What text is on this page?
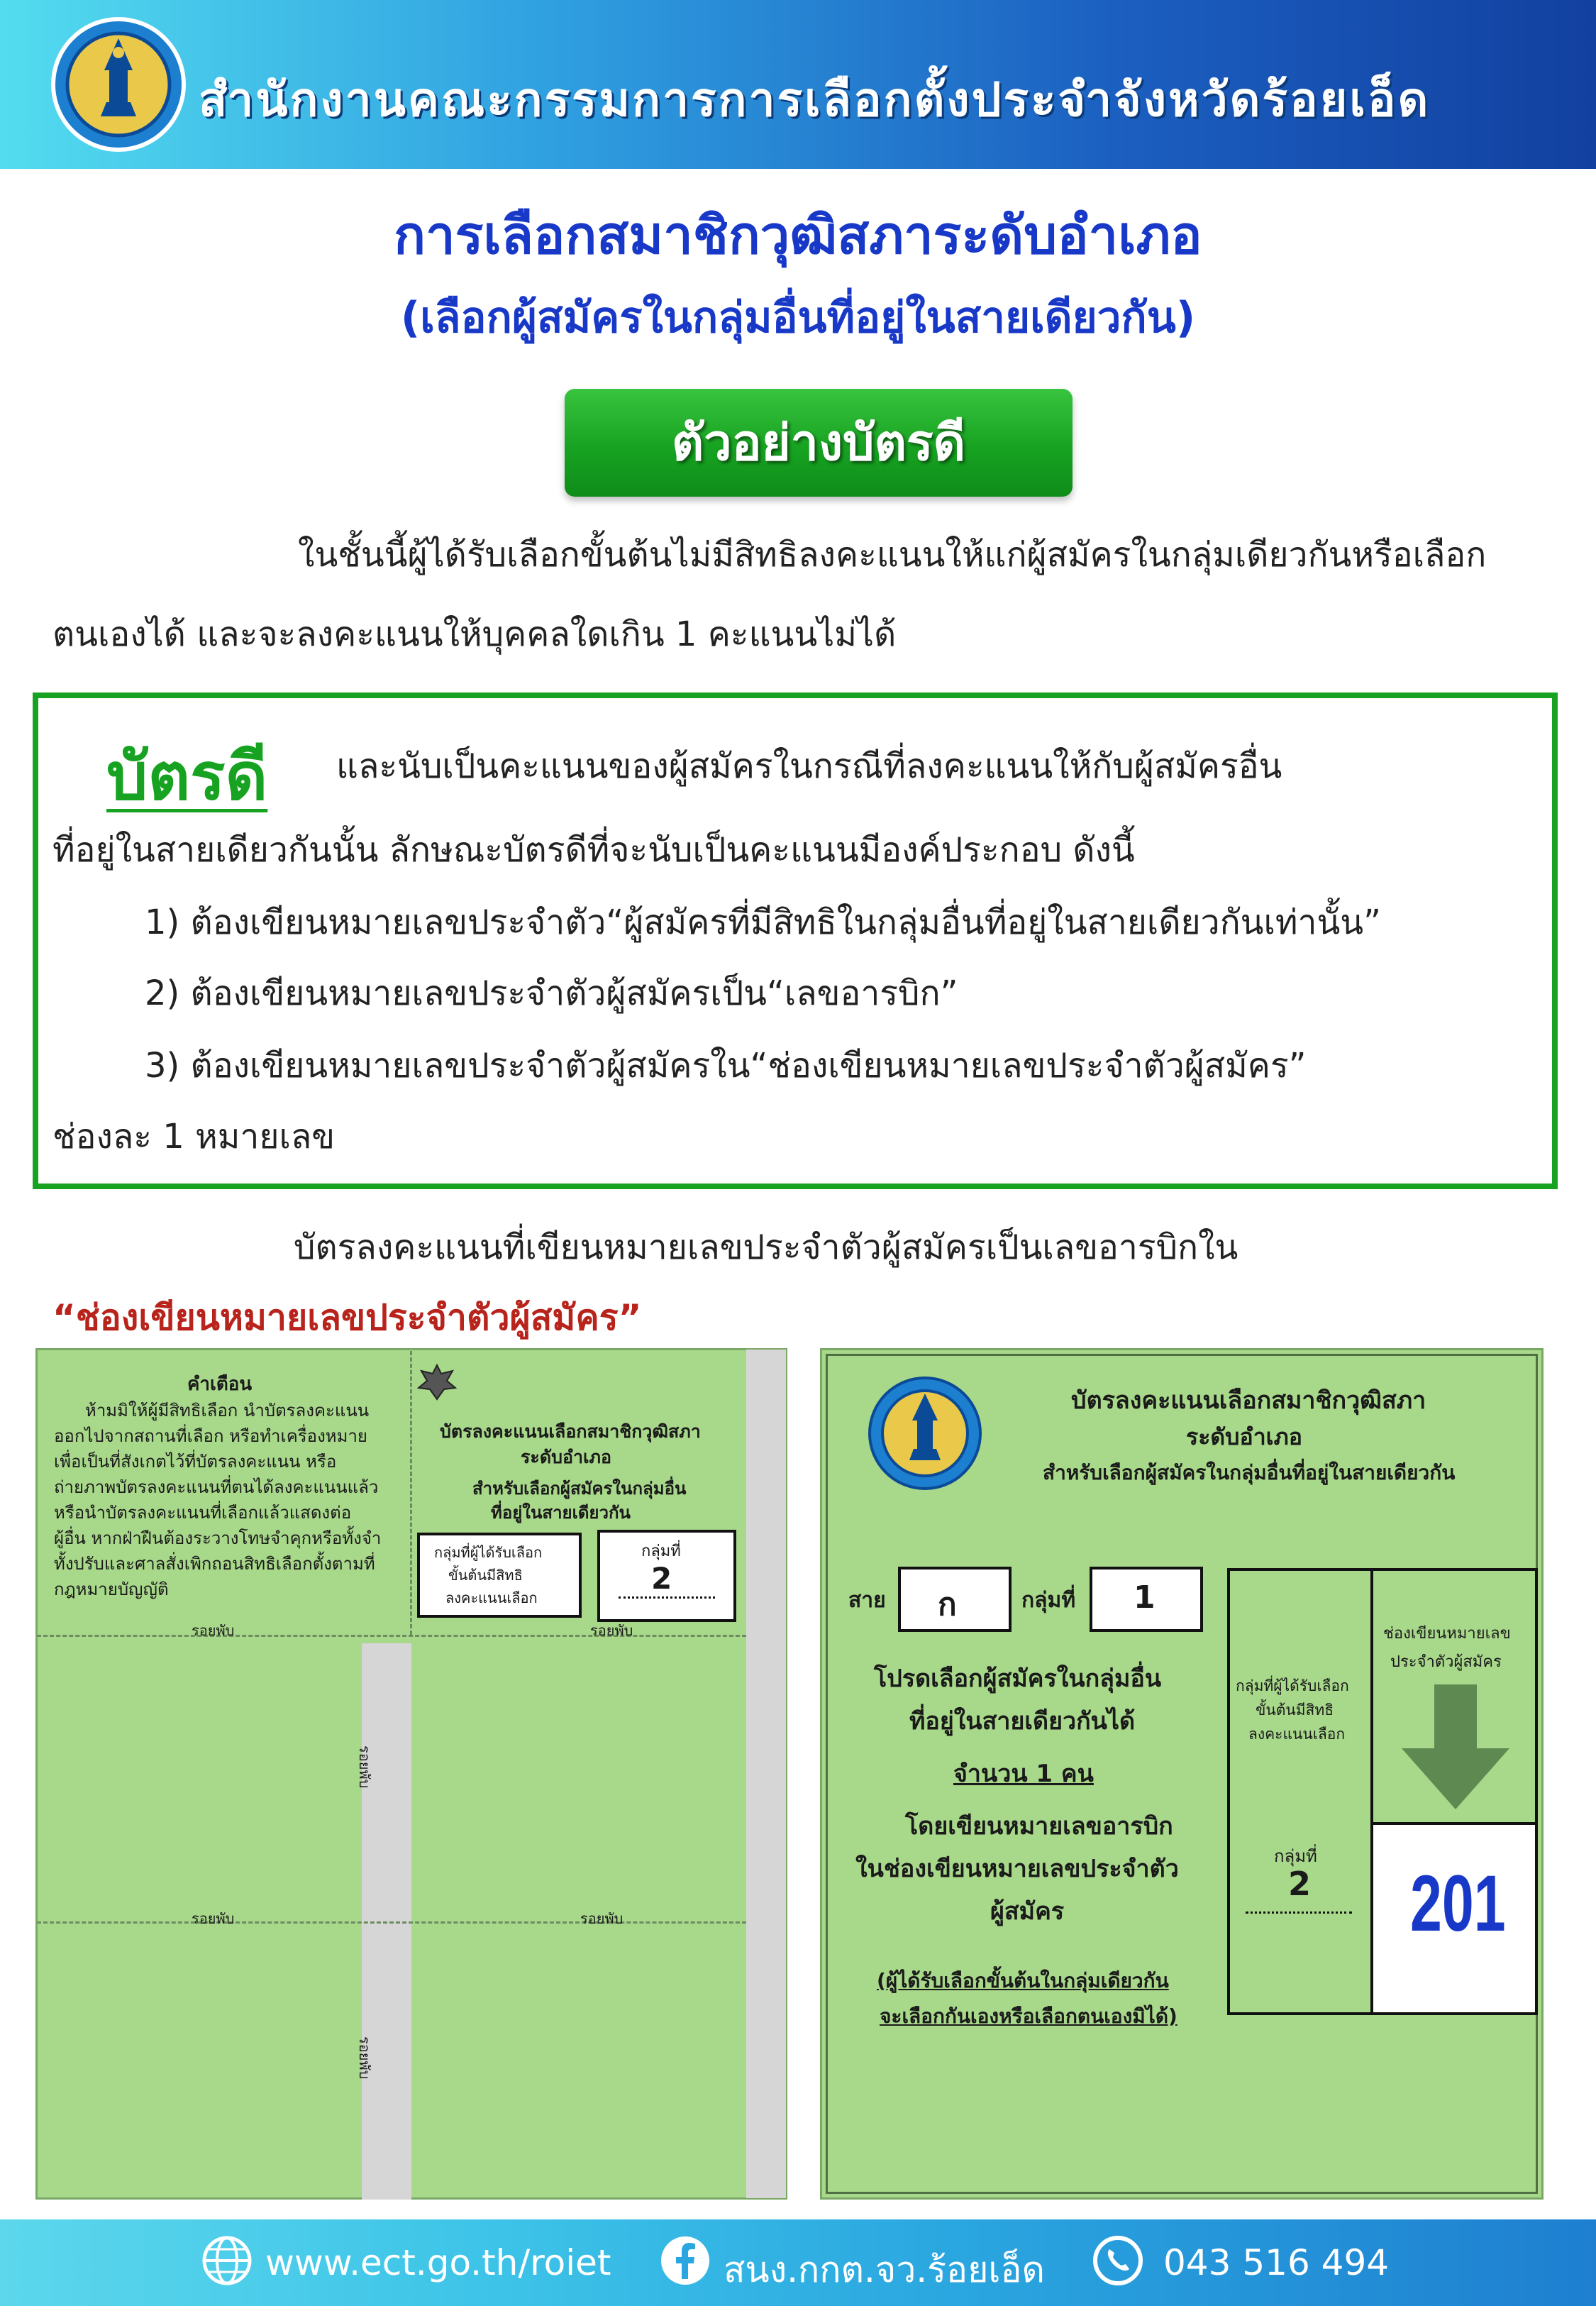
สำนักงานคณะกรรมการการเลือกตั้งประจำจังหวัดร้อยเอ็ด
การเลือกสมาชิกวุฒิสภาระดับอำเภอ
(เลือกผู้สมัครในกลุ่มอื่นที่อยู่ในสายเดียวกัน)
ตัวอย่างบัตรดี
ในชั้นนี้ผู้ได้รับเลือกขั้นต้นไม่มีสิทธิลงคะแนนให้แก่ผู้สมัครในกลุ่มเดียวกันหรือเลือก
ตนเองได้ และจะลงคะแนนให้บุคคลใดเกิน 1 คะแนนไม่ได้
บัตรดี และนับเป็นคะแนนของผู้สมัครในกรณีที่ลงคะแนนให้กับผู้สมัครอื่น
ที่อยู่ในสายเดียวกันนั้น ลักษณะบัตรดีที่จะนับเป็นคะแนนมีองค์ประกอบ ดังนี้
1) ต้องเขียนหมายเลขประจำตัว“ผู้สมัครที่มีสิทธิในกลุ่มอื่นที่อยู่ในสายเดียวกันเท่านั้น”
2) ต้องเขียนหมายเลขประจำตัวผู้สมัครเป็น“เลขอารบิก”
3) ต้องเขียนหมายเลขประจำตัวผู้สมัครใน“ช่องเขียนหมายเลขประจำตัวผู้สมัคร”
ช่องละ 1 หมายเลข
บัตรลงคะแนนที่เขียนหมายเลขประจำตัวผู้สมัครเป็นเลขอารบิกใน
“ช่องเขียนหมายเลขประจำตัวผู้สมัคร”
คำเตือน
ห้ามมิให้ผู้มีสิทธิเลือก นำบัตรลงคะแนน
ออกไปจากสถานที่เลือก หรือทำเครื่องหมาย
เพื่อเป็นที่สังเกตไว้ที่บัตรลงคะแนน หรือ
ถ่ายภาพบัตรลงคะแนนที่ตนได้ลงคะแนนแล้ว
หรือนำบัตรลงคะแนนที่เลือกแล้วแสดงต่อ
ผู้อื่น หากฝ่าฝืนต้องระวางโทษจำคุกหรือทั้งจำ
ทั้งปรับและศาลสั่งเพิกถอนสิทธิเลือกตั้งตามที่
กฎหมายบัญญัติ
บัตรลงคะแนนเลือกสมาชิกวุฒิสภา
ระดับอำเภอ
สำหรับเลือกผู้สมัครในกลุ่มอื่น
ที่อยู่ในสายเดียวกัน
กลุ่มที่ผู้ได้รับเลือก
ขั้นต้นมีสิทธิ
ลงคะแนนเลือก
กลุ่มที่
2
รอยพับ	รอยพับ
รอยพับ	รอยพับ
รอยพับ
รอยพับ
บัตรลงคะแนนเลือกสมาชิกวุฒิสภา
ระดับอำเภอ
สำหรับเลือกผู้สมัครในกลุ่มอื่นที่อยู่ในสายเดียวกัน
สาย ก	กลุ่มที่ 1
โปรดเลือกผู้สมัครในกลุ่มอื่น
ที่อยู่ในสายเดียวกันได้
จำนวน 1 คน
โดยเขียนหมายเลขอารบิก
ในช่องเขียนหมายเลขประจำตัว
ผู้สมัคร
(ผู้ได้รับเลือกขั้นต้นในกลุ่มเดียวกัน
จะเลือกกันเองหรือเลือกตนเองมิได้)
กลุ่มที่ผู้ได้รับเลือก
ขั้นต้นมีสิทธิ
ลงคะแนนเลือก
กลุ่มที่
2
ช่องเขียนหมายเลข
ประจำตัวผู้สมัคร
201
www.ect.go.th/roiet	สนง.กกต.จว.ร้อยเอ็ด	043 516 494
